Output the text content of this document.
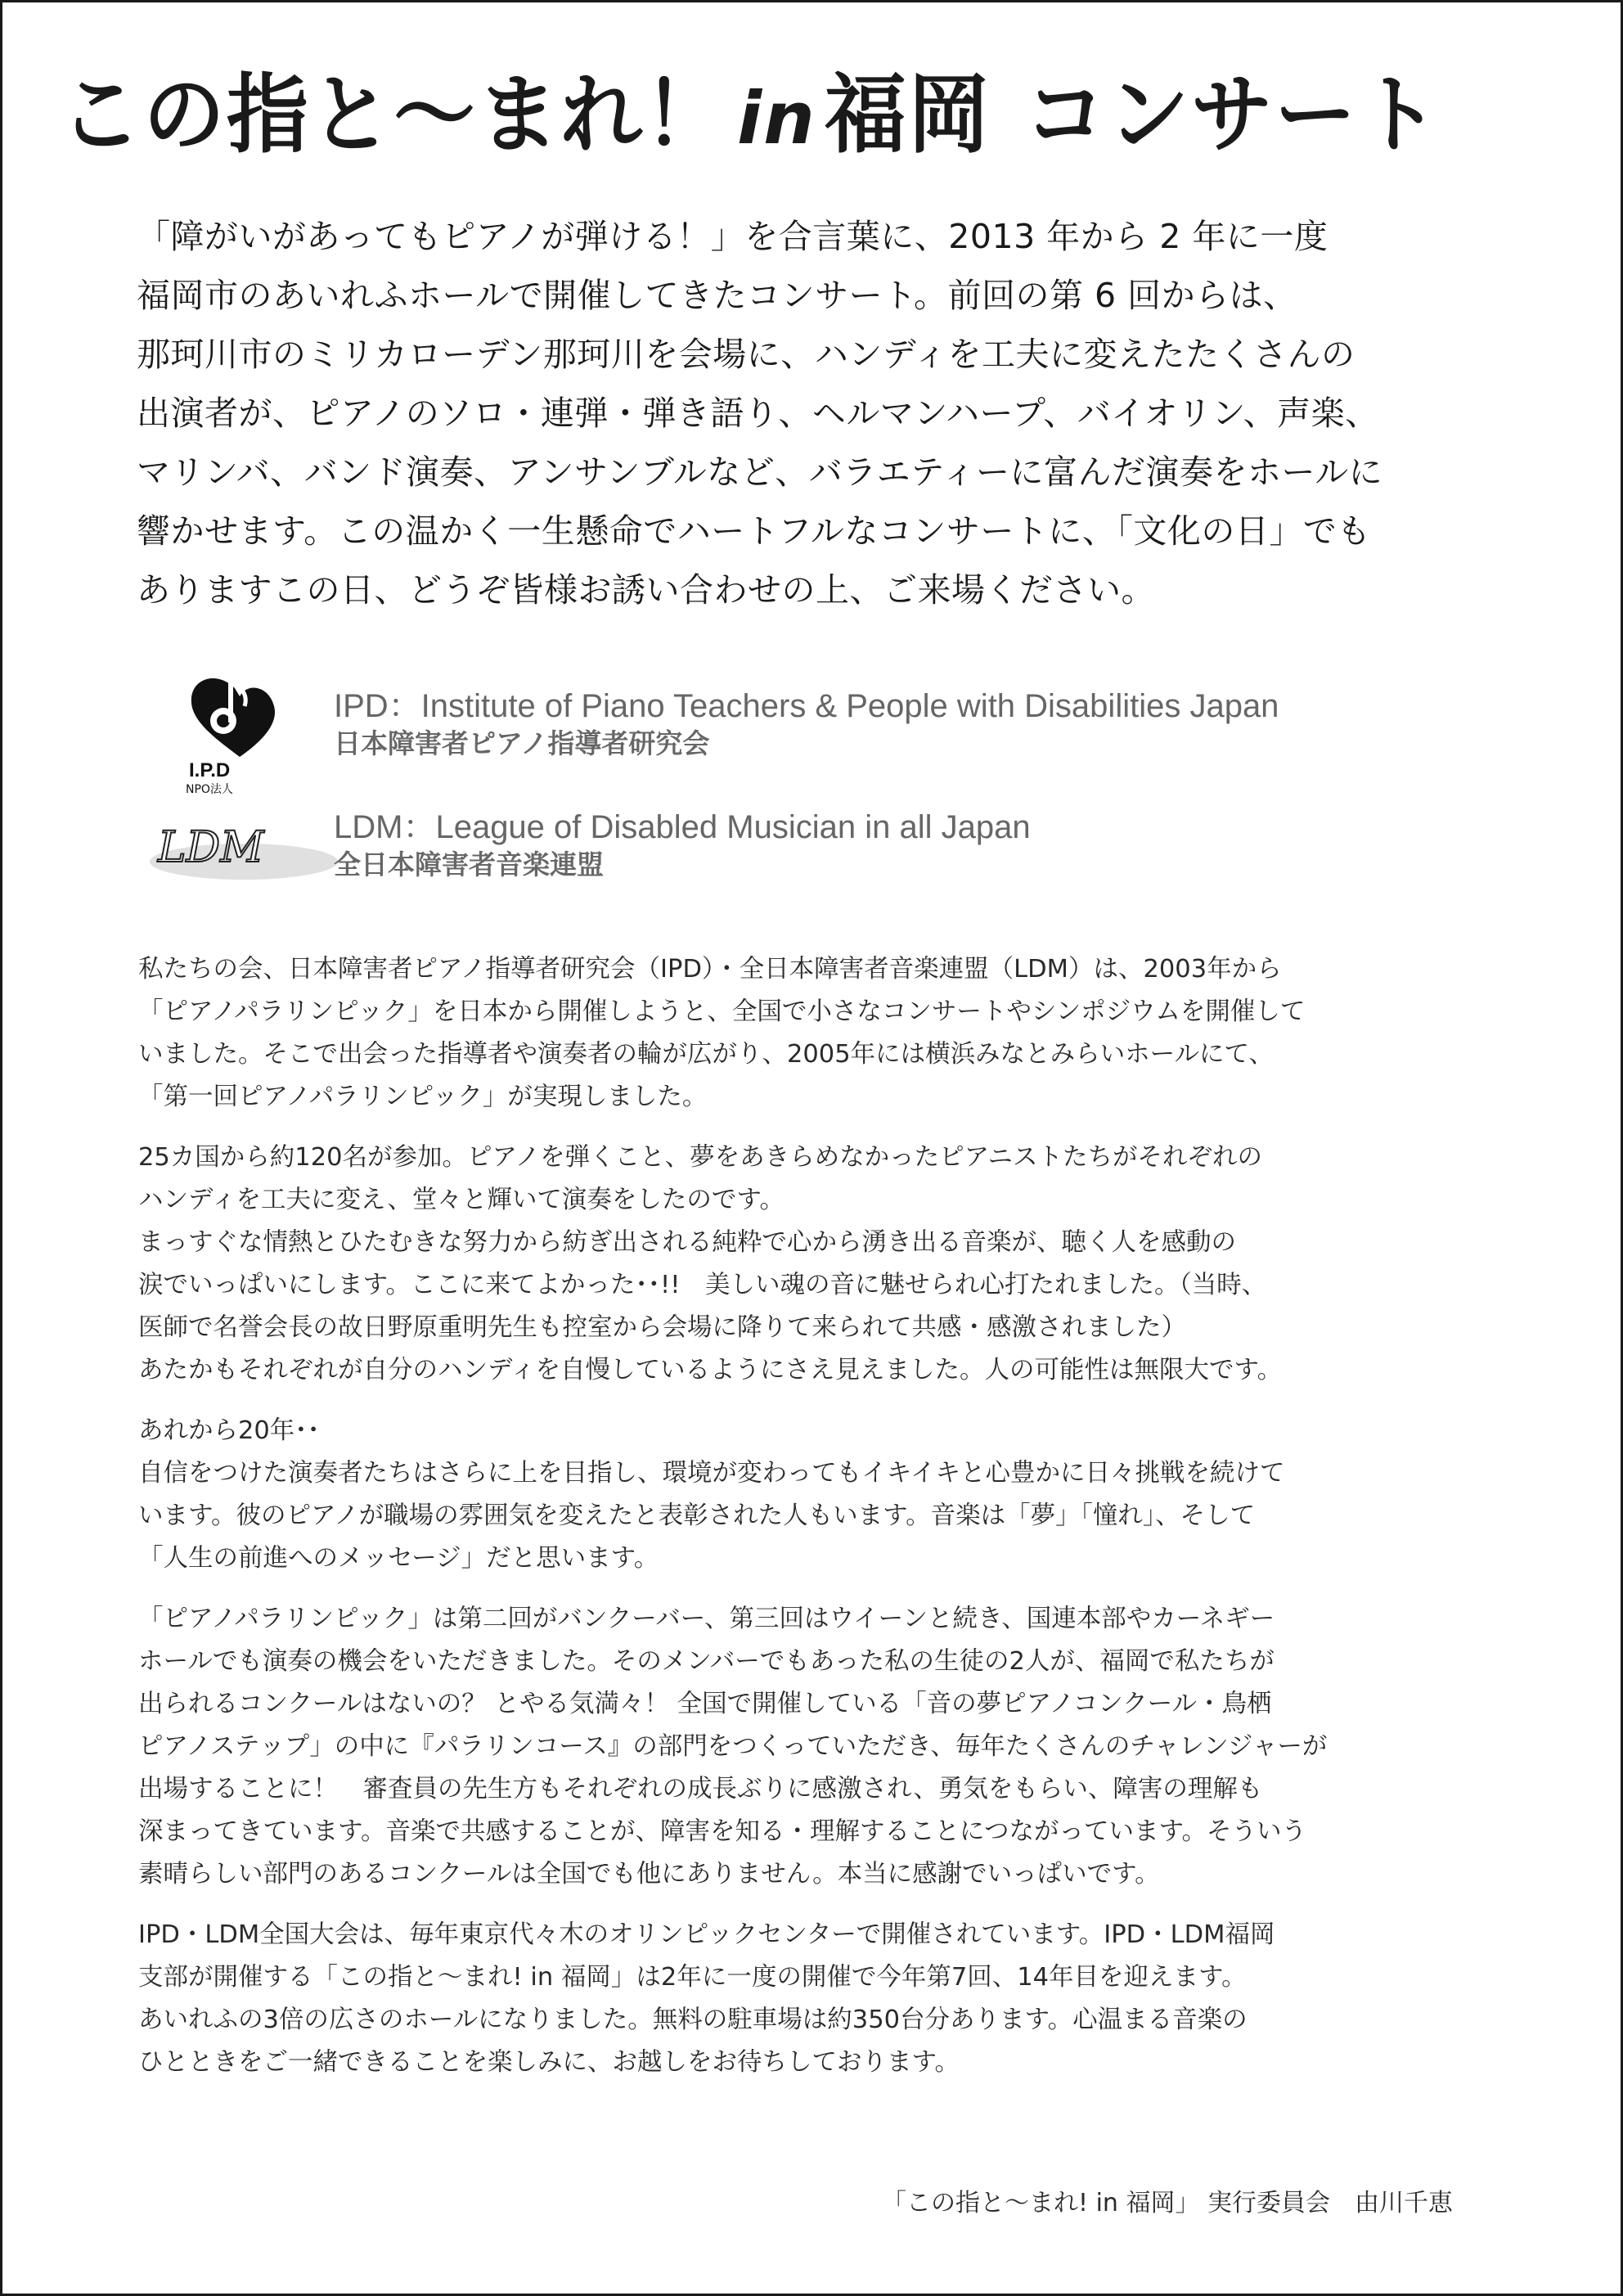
この指と～まれ！ in 福岡 コンサート

「障がいがあってもピアノが弾ける！」を合言葉に、2013 年から 2 年に一度

福岡市のあいれふホールで開催してきたコンサート。前回の第 6 回からは、

那珂川市のミリカローデン那珂川を会場に、ハンディを工夫に変えたたくさんの

出演者が、ピアノのソロ・連弾・弾き語り、ヘルマンハープ、バイオリン、声楽、

マリンバ、バンド演奏、アンサンブルなど、バラエティーに富んだ演奏をホールに

響かせます。この温かく一生懸命でハートフルなコンサートに、「文化の日」でも

ありますこの日、どうぞ皆様お誘い合わせの上、ご来場ください。

I.P.D
NPO法人
IPD：Institute of Piano Teachers & People with Disabilities Japan
日本障害者ピアノ指導者研究会
LDM LDM：League of Disabled Musician in all Japan
全日本障害者音楽連盟

私たちの会、日本障害者ピアノ指導者研究会（IPD）・全日本障害者音楽連盟（LDM）は、2003年から
「ピアノパラリンピック」を日本から開催しようと、全国で小さなコンサートやシンポジウムを開催して
いました。そこで出会った指導者や演奏者の輪が広がり、2005年には横浜みなとみらいホールにて、
「第一回ピアノパラリンピック」が実現しました。

25カ国から約120名が参加。ピアノを弾くこと、夢をあきらめなかったピアニストたちがそれぞれの
ハンディを工夫に変え、堂々と輝いて演奏をしたのです。
まっすぐな情熱とひたむきな努力から紡ぎ出される純粋で心から湧き出る音楽が、聴く人を感動の
涙でいっぱいにします。ここに来てよかった･･!!　美しい魂の音に魅せられ心打たれました。（当時、
医師で名誉会長の故日野原重明先生も控室から会場に降りて来られて共感・感激されました）
あたかもそれぞれが自分のハンディを自慢しているようにさえ見えました。人の可能性は無限大です。

あれから20年･･
自信をつけた演奏者たちはさらに上を目指し、環境が変わってもイキイキと心豊かに日々挑戦を続けて
います。彼のピアノが職場の雰囲気を変えたと表彰された人もいます。音楽は「夢」「憧れ」、そして
「人生の前進へのメッセージ」だと思います。

「ピアノパラリンピック」は第二回がバンクーバー、第三回はウイーンと続き、国連本部やカーネギー
ホールでも演奏の機会をいただきました。そのメンバーでもあった私の生徒の2人が、福岡で私たちが
出られるコンクールはないの？ とやる気満々！ 全国で開催している「音の夢ピアノコンクール・鳥栖
ピアノステップ」の中に『パラリンコース』の部門をつくっていただき、毎年たくさんのチャレンジャーが
出場することに！　審査員の先生方もそれぞれの成長ぶりに感激され、勇気をもらい、障害の理解も
深まってきています。音楽で共感することが、障害を知る・理解することにつながっています。そういう
素晴らしい部門のあるコンクールは全国でも他にありません。本当に感謝でいっぱいです。

IPD・LDM全国大会は、毎年東京代々木のオリンピックセンターで開催されています。IPD・LDM福岡
支部が開催する「この指と～まれ! in 福岡」は2年に一度の開催で今年第7回、14年目を迎えます。
あいれふの3倍の広さのホールになりました。無料の駐車場は約350台分あります。心温まる音楽の
ひとときをご一緒できることを楽しみに、お越しをお待ちしております。

「この指と～まれ! in 福岡」 実行委員会　由川千恵
